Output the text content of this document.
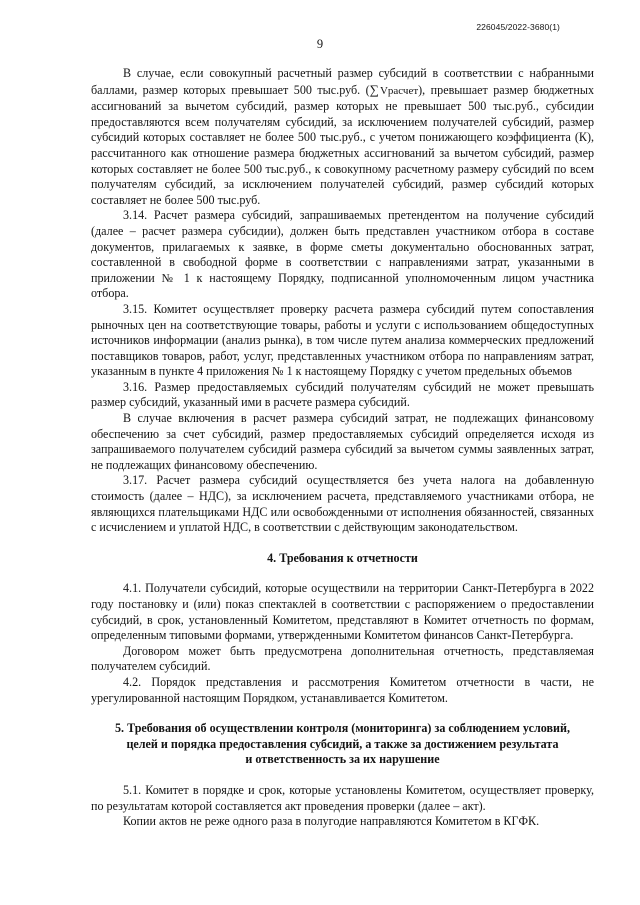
226045/2022-3680(1)
9

В случае, если совокупный расчетный размер субсидий в соответствии с набранными баллами, размер которых превышает 500 тыс.руб. (∑Vрасчет), превышает размер бюджетных ассигнований за вычетом субсидий, размер которых не превышает 500 тыс.руб., субсидии предоставляются всем получателям субсидий, за исключением получателей субсидий, размер субсидий которых составляет не более 500 тыс.руб., с учетом понижающего коэффициента (К), рассчитанного как отношение размера бюджетных ассигнований за вычетом субсидий, размер которых составляет не более 500 тыс.руб., к совокупному расчетному размеру субсидий по всем получателям субсидий, за исключением получателей субсидий, размер субсидий которых составляет не более 500 тыс.руб.

3.14. Расчет размера субсидий, запрашиваемых претендентом на получение субсидий (далее – расчет размера субсидии), должен быть представлен участником отбора в составе документов, прилагаемых к заявке, в форме сметы документально обоснованных затрат, составленной в свободной форме в соответствии с направлениями затрат, указанными в приложении № 1 к настоящему Порядку, подписанной уполномоченным лицом участника отбора.

3.15. Комитет осуществляет проверку расчета размера субсидий путем сопоставления рыночных цен на соответствующие товары, работы и услуги с использованием общедоступных источников информации (анализ рынка), в том числе путем анализа коммерческих предложений поставщиков товаров, работ, услуг, представленных участником отбора по направлениям затрат, указанным в пункте 4 приложения № 1 к настоящему Порядку с учетом предельных объемов

3.16. Размер предоставляемых субсидий получателям субсидий не может превышать размер субсидий, указанный ими в расчете размера субсидий.

В случае включения в расчет размера субсидий затрат, не подлежащих финансовому обеспечению за счет субсидий, размер предоставляемых субсидий определяется исходя из запрашиваемого получателем субсидий размера субсидий за вычетом суммы заявленных затрат, не подлежащих финансовому обеспечению.

3.17. Расчет размера субсидий осуществляется без учета налога на добавленную стоимость (далее – НДС), за исключением расчета, представляемого участниками отбора, не являющихся плательщиками НДС или освобожденными от исполнения обязанностей, связанных с исчислением и уплатой НДС, в соответствии с действующим законодательством.

4. Требования к отчетности

4.1. Получатели субсидий, которые осуществили на территории Санкт-Петербурга в 2022 году постановку и (или) показ спектаклей в соответствии с распоряжением о предоставлении субсидий, в срок, установленный Комитетом, представляют в Комитет отчетность по формам, определенным типовыми формами, утвержденными Комитетом финансов Санкт-Петербурга.

Договором может быть предусмотрена дополнительная отчетность, представляемая получателем субсидий.

4.2. Порядок представления и рассмотрения Комитетом отчетности в части, не урегулированной настоящим Порядком, устанавливается Комитетом.

5. Требования об осуществлении контроля (мониторинга) за соблюдением условий,

целей и порядка предоставления субсидий, а также за достижением результата

и ответственность за их нарушение

5.1. Комитет в порядке и срок, которые установлены Комитетом, осуществляет проверку, по результатам которой составляется акт проведения проверки (далее – акт).

Копии актов не реже одного раза в полугодие направляются Комитетом в КГФК.
